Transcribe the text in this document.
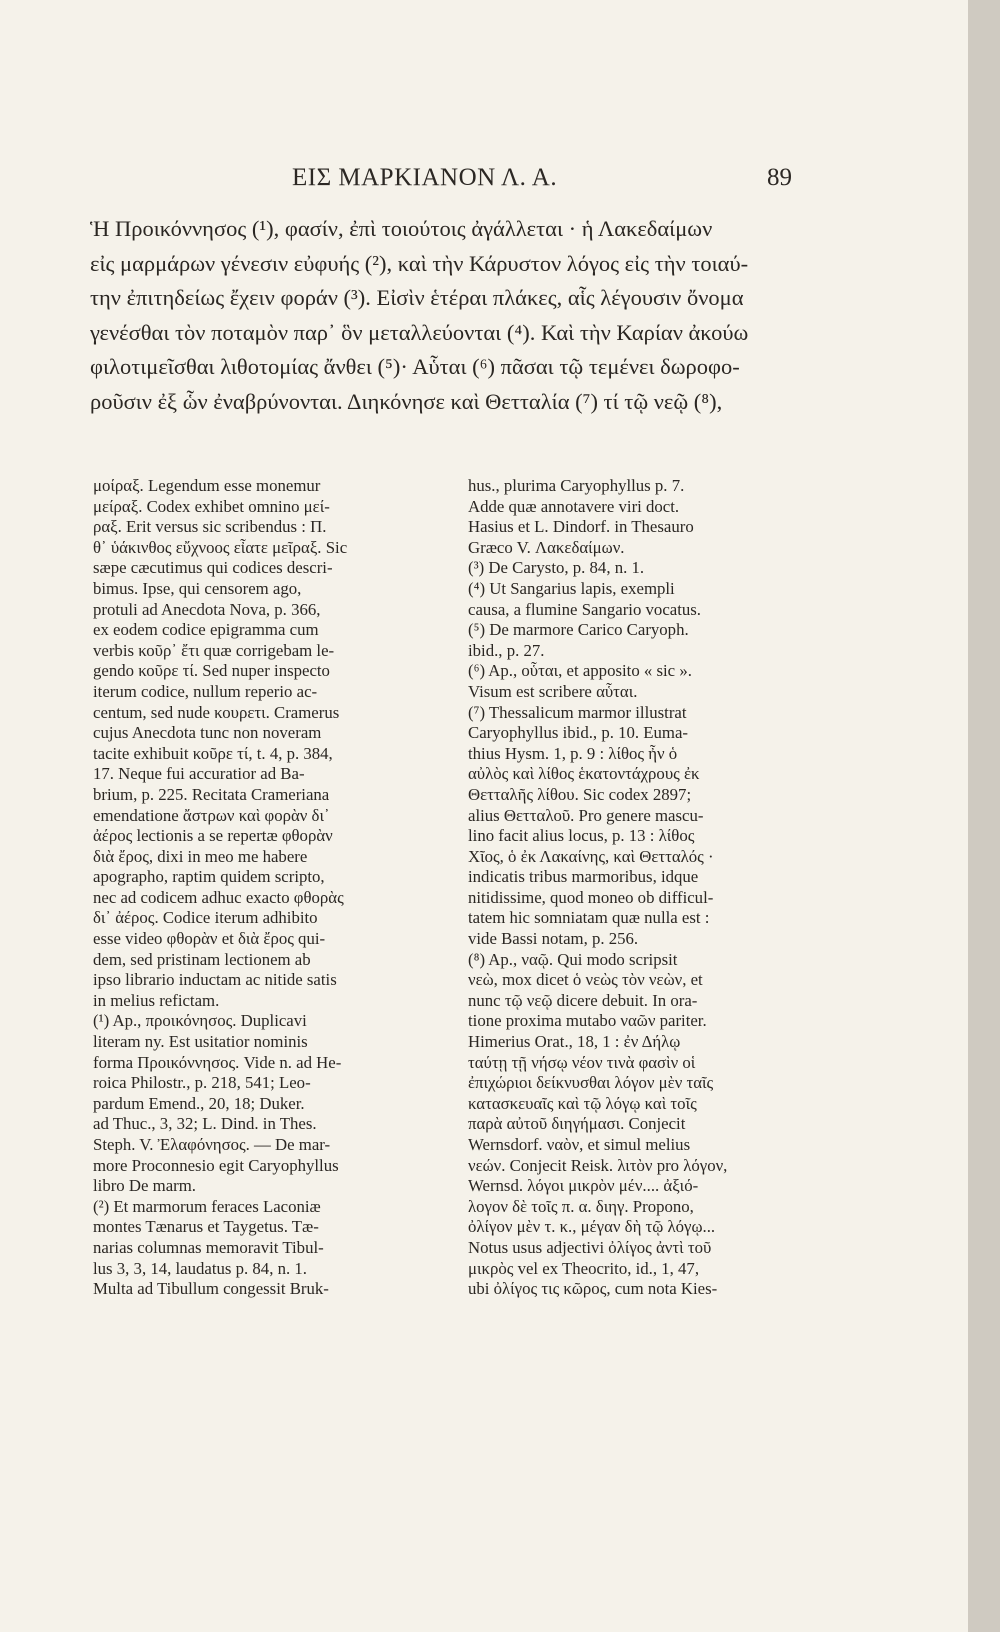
ΕΙΣ ΜΑΡΚΙΑΝΟΝ Λ. Α.	89
Ἡ Προικόννησος (¹), φασίν, ἐπὶ τοιούτοις ἀγάλλεται · ἡ Λακεδαίμων
εἰς μαρμάρων γένεσιν εὐφυής (²), καὶ τὴν Κάρυστον λόγος εἰς τὴν τοιαύ-
την ἐπιτηδείως ἔχειν φοράν (³). Εἰσὶν ἑτέραι πλάκες, αἷς λέγουσιν ὄνομα
γενέσθαι τὸν ποταμὸν παρ᾿ ὃν μεταλλεύονται (⁴). Καὶ τὴν Καρίαν ἀκούω
φιλοτιμεῖσθαι λιθοτομίας ἄνθει (⁵)· Αὗται (⁶) πᾶσαι τῷ τεμένει δωροφο-
ροῦσιν ἐξ ὧν ἐναβρύνονται. Διηκόνησε καὶ Θετταλία (⁷) τί τῷ νεῷ (⁸),
μοίραξ. Legendum esse monemur
μείραξ. Codex exhibet omnino μεί-
ραξ. Erit versus sic scribendus : Π.
θ᾿ ὑάκινθος εὔχνοος εἶατε μεῖραξ. Sic
sæpe cæcutimus qui codices descri-
bimus. Ipse, qui censorem ago,
protuli ad Anecdota Nova, p. 366,
ex eodem codice epigramma cum
verbis κοῦρ᾿ ἔτι quæ corrigebam le-
gendo κοῦρε τί. Sed nuper inspecto
iterum codice, nullum reperio ac-
centum, sed nude κουρετι. Cramerus
cujus Anecdota tunc non noveram
tacite exhibuit κοῦρε τί, t. 4, p. 384,
17. Neque fui accuratior ad Ba-
brium, p. 225. Recitata Crameriana
emendatione ἄστρων καὶ φορὰν δι᾿
ἀέρος lectionis a se repertæ φθορὰν
διὰ ἔρος, dixi in meo me habere
apographo, raptim quidem scripto,
nec ad codicem adhuc exacto φθορὰς
δι᾿ ἀέρος. Codice iterum adhibito
esse video φθορὰν et διὰ ἔρος qui-
dem, sed pristinam lectionem ab
ipso librario inductam ac nitide satis
in melius refictam.
(¹) Ap., προικόνησος. Duplicavi
literam ny. Est usitatior nominis
forma Προικόννησος. Vide n. ad He-
roica Philostr., p. 218, 541; Leo-
pardum Emend., 20, 18; Duker.
ad Thuc., 3, 32; L. Dind. in Thes.
Steph. V. Ἐλαφόνησος. — De mar-
more Proconnesio egit Caryophyllus
libro De marm.
(²) Et marmorum feraces Laconiæ
montes Tænarus et Taygetus. Tæ-
narias columnas memoravit Tibul-
lus 3, 3, 14, laudatus p. 84, n. 1.
Multa ad Tibullum congessit Bruk-
hus., plurima Caryophyllus p. 7.
Adde quæ annotavere viri doct.
Hasius et L. Dindorf. in Thesauro
Græco V. Λακεδαίμων.
(³) De Carysto, p. 84, n. 1.
(⁴) Ut Sangarius lapis, exempli
causa, a flumine Sangario vocatus.
(⁵) De marmore Carico Caryoph.
ibid., p. 27.
(⁶) Ap., οὗται, et apposito « sic ».
Visum est scribere αὗται.
(⁷) Thessalicum marmor illustrat
Caryophyllus ibid., p. 10. Euma-
thius Hysm. 1, p. 9 : λίθος ἦν ὁ
αὐλὸς καὶ λίθος ἑκατοντάχρους ἐκ
Θετταλῆς λίθου. Sic codex 2897;
alius Θετταλοῦ. Pro genere mascu-
lino facit alius locus, p. 13 : λίθος
Χῖος, ὁ ἐκ Λακαίνης, καὶ Θετταλός ·
indicatis tribus marmoribus, idque
nitidissime, quod moneo ob difficul-
tatem hic somniatam quæ nulla est :
vide Bassi notam, p. 256.
(⁸) Ap., ναῷ. Qui modo scripsit
νεὼ, mox dicet ὁ νεὼς τὸν νεὼν, et
nunc τῷ νεῷ dicere debuit. In ora-
tione proxima mutabo ναῶν pariter.
Himerius Orat., 18, 1 : ἐν Δήλῳ
ταύτῃ τῇ νήσῳ νέον τινὰ φασὶν οἱ
ἐπιχώριοι δείκνυσθαι λόγον μὲν ταῖς
κατασκευαῖς καὶ τῷ λόγῳ καὶ τοῖς
παρὰ αὐτοῦ διηγήμασι. Conjecit
Wernsdorf. ναὸν, et simul melius
νεών. Conjecit Reisk. λιτὸν pro λόγον,
Wernsd. λόγοι μικρὸν μέν.... ἀξιό-
λογον δὲ τοῖς π. α. διηγ. Propono,
ὀλίγον μὲν τ. κ., μέγαν δὴ τῷ λόγῳ...
Notus usus adjectivi ὀλίγος ἀντὶ τοῦ
μικρὸς vel ex Theocrito, id., 1, 47,
ubi ὀλίγος τις κῶρος, cum nota Kies-
